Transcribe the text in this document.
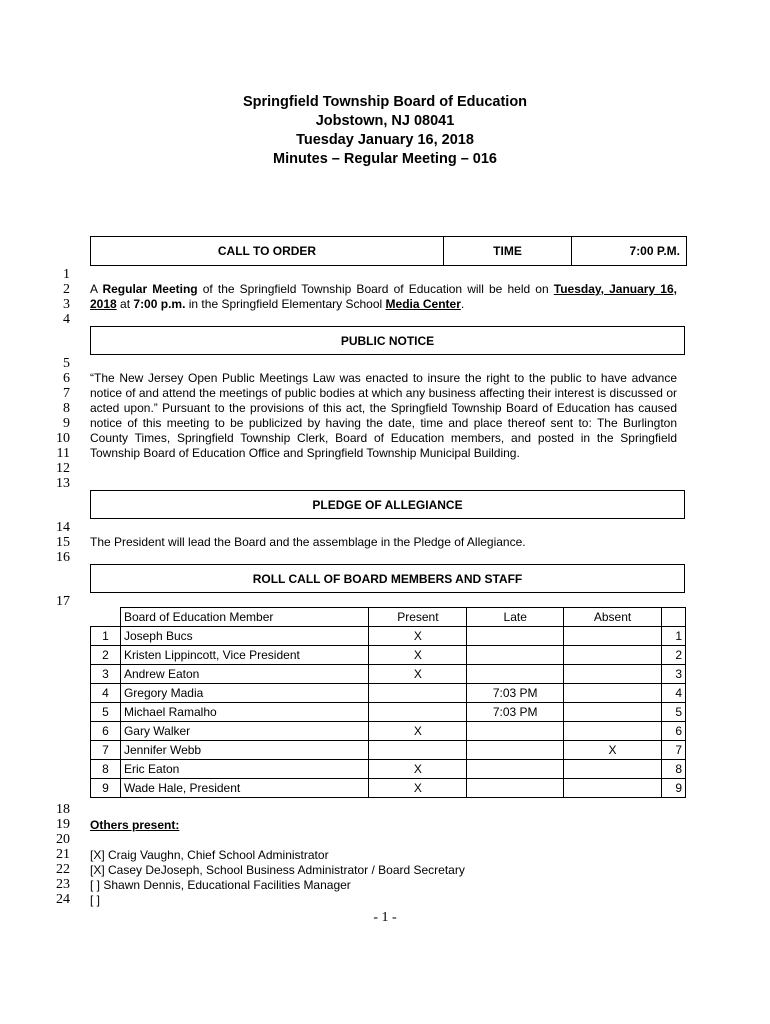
Springfield Township Board of Education
Jobstown, NJ 08041
Tuesday January 16, 2018
Minutes – Regular Meeting – 016
CALL TO ORDER	TIME	7:00 P.M.
1
2
3
4
5
6
7
8
9
10
11
12
13
14
15
16
17
18
19
20
21
22
23
24
A Regular Meeting of the Springfield Township Board of Education will be held on Tuesday, January 16, 2018 at 7:00 p.m. in the Springfield Elementary School Media Center.
PUBLIC NOTICE
“The New Jersey Open Public Meetings Law was enacted to insure the right to the public to have advance notice of and attend the meetings of public bodies at which any business affecting their interest is discussed or acted upon.” Pursuant to the provisions of this act, the Springfield Township Board of Education has caused notice of this meeting to be publicized by having the date, time and place thereof sent to: The Burlington County Times, Springfield Township Clerk, Board of Education members, and posted in the Springfield Township Board of Education Office and Springfield Township Municipal Building.
PLEDGE OF ALLEGIANCE
The President will lead the Board and the assemblage in the Pledge of Allegiance.
ROLL CALL OF BOARD MEMBERS AND STAFF
	Board of Education Member	Present	Late	Absent	
1	Joseph Bucs	X			1
2	Kristen Lippincott, Vice President	X			2
3	Andrew Eaton	X			3
4	Gregory Madia		7:03 PM		4
5	Michael Ramalho		7:03 PM		5
6	Gary Walker	X			6
7	Jennifer Webb			X	7
8	Eric Eaton	X			8
9	Wade Hale, President	X			9
Others present:
[X] Craig Vaughn, Chief School Administrator
[X] Casey DeJoseph, School Business Administrator / Board Secretary
[ ] Shawn Dennis, Educational Facilities Manager
[ ]
- 1 -
